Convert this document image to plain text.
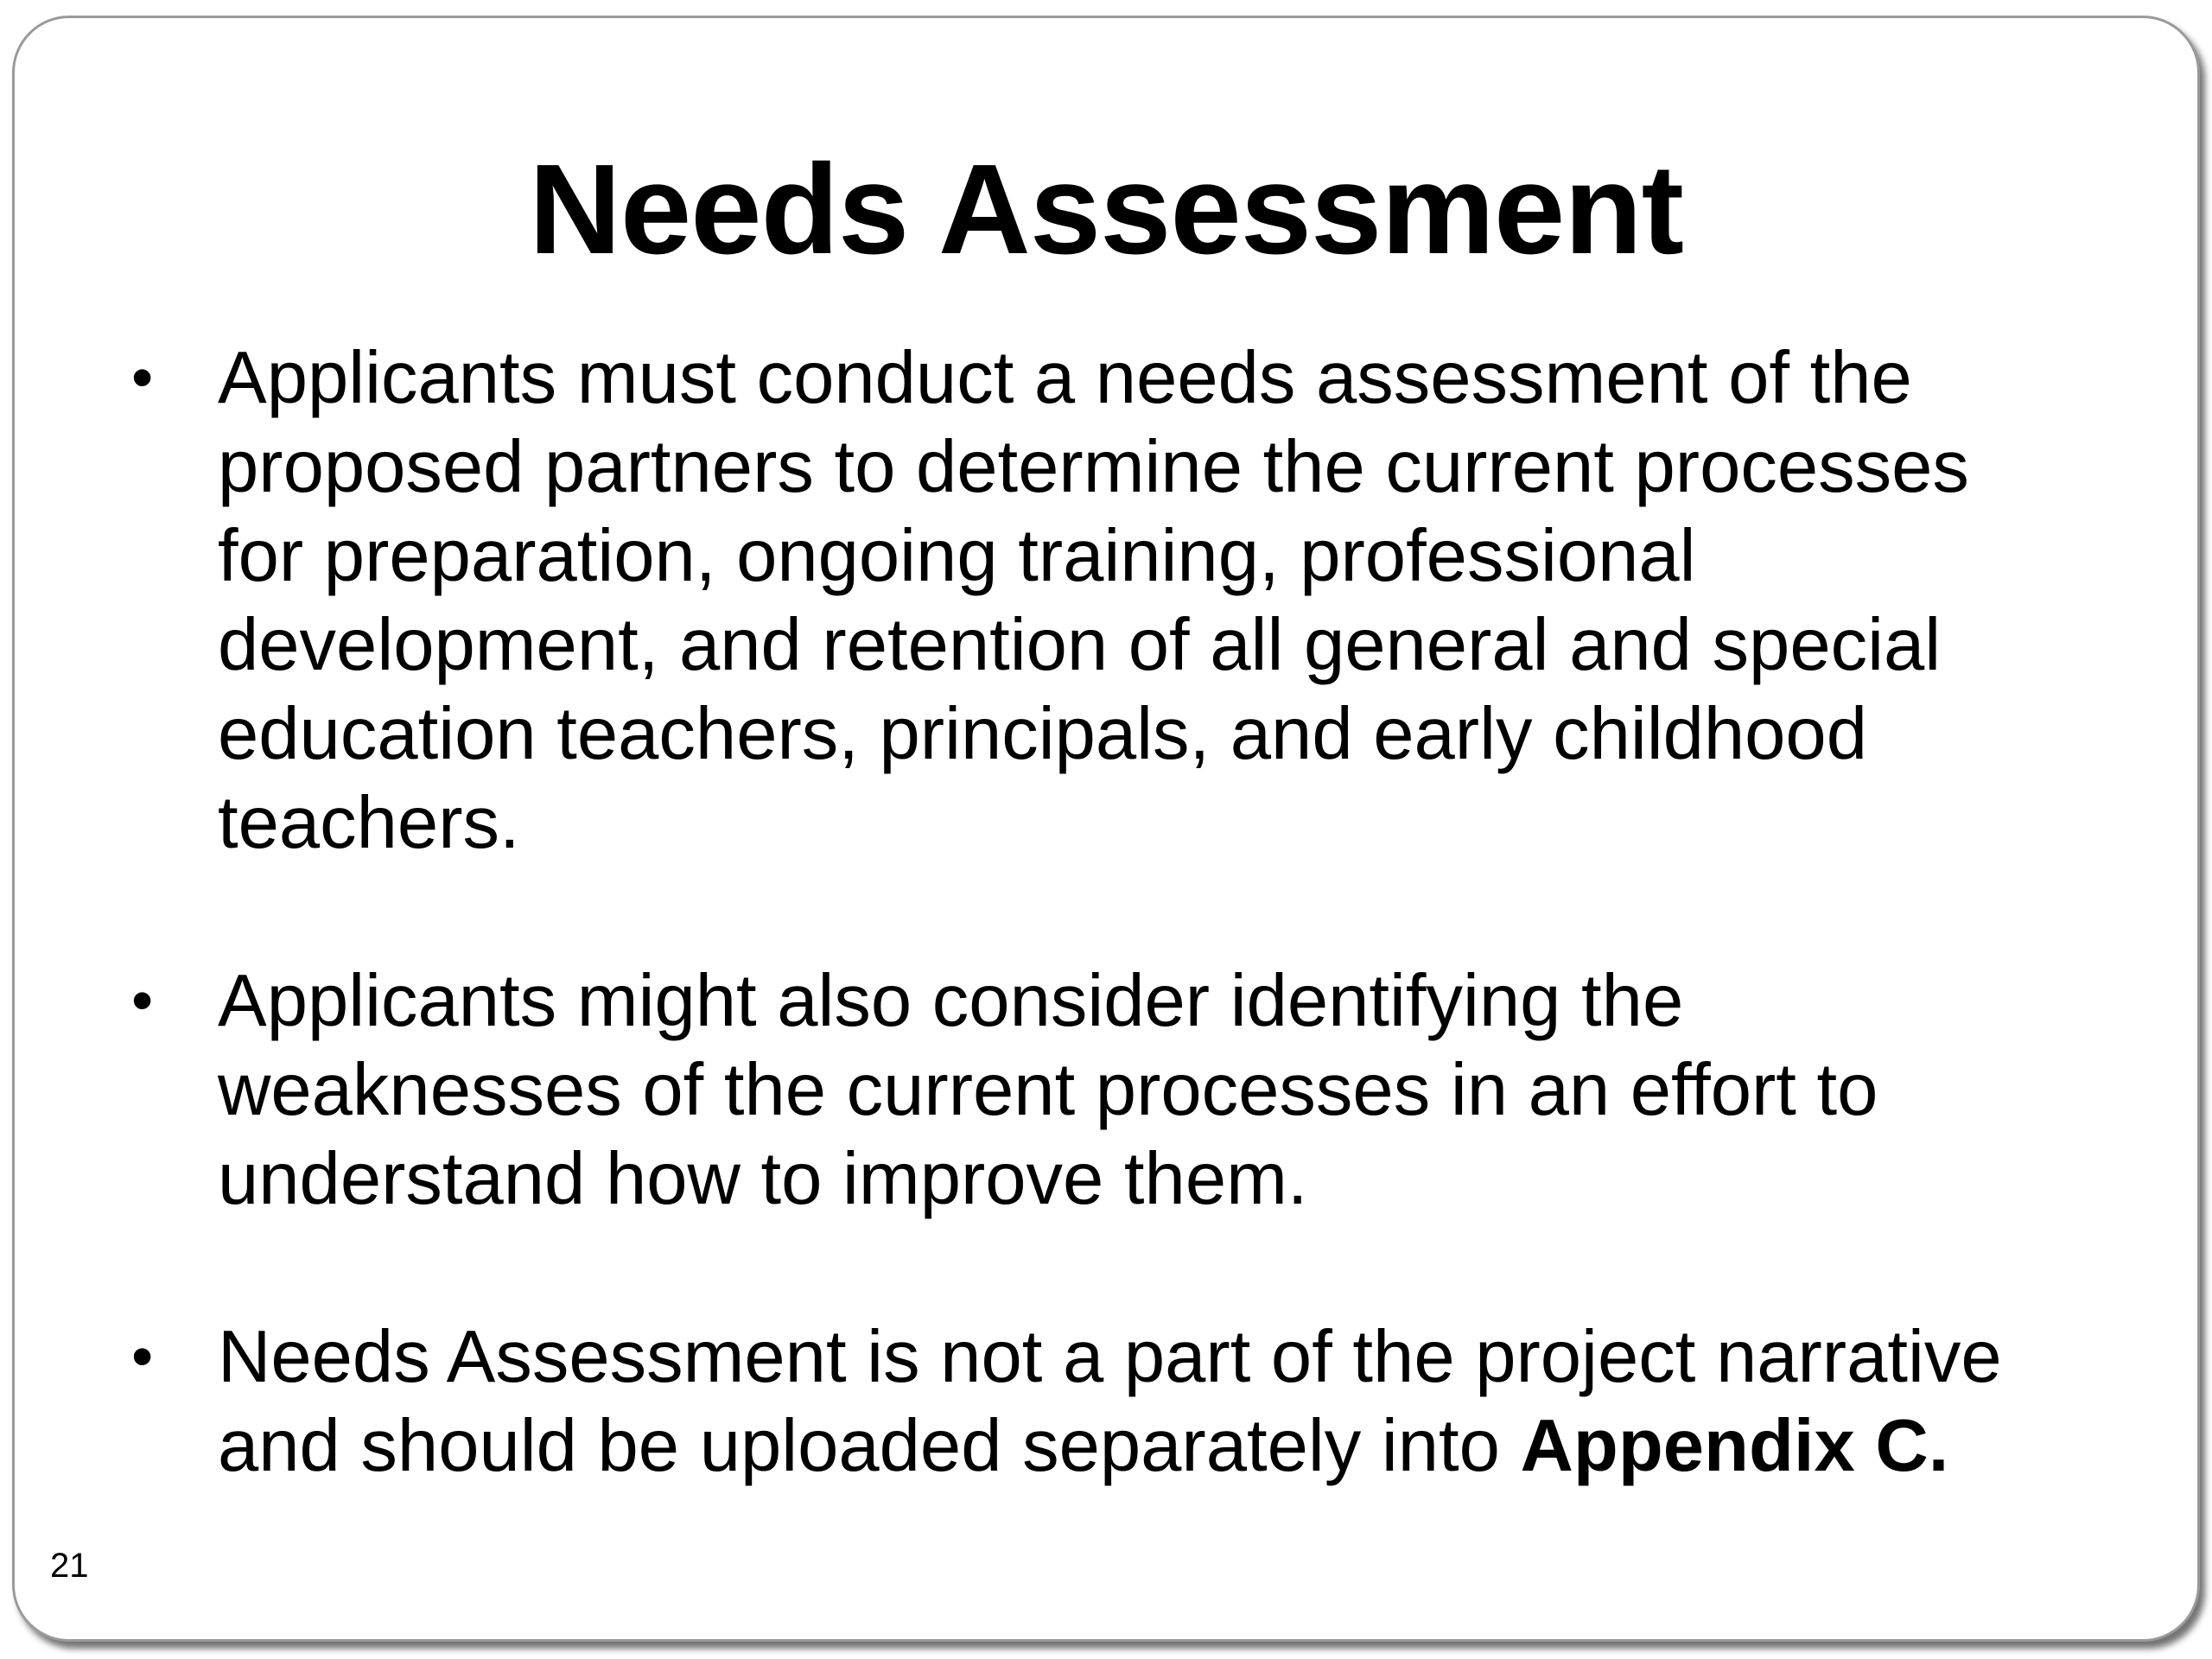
Needs Assessment
• Applicants must conduct a needs assessment of the proposed partners to determine the current processes for preparation, ongoing training, professional development, and retention of all general and special education teachers, principals, and early childhood teachers.
• Applicants might also consider identifying the weaknesses of the current processes in an effort to understand how to improve them.
• Needs Assessment is not a part of the project narrative and should be uploaded separately into Appendix C.
21
